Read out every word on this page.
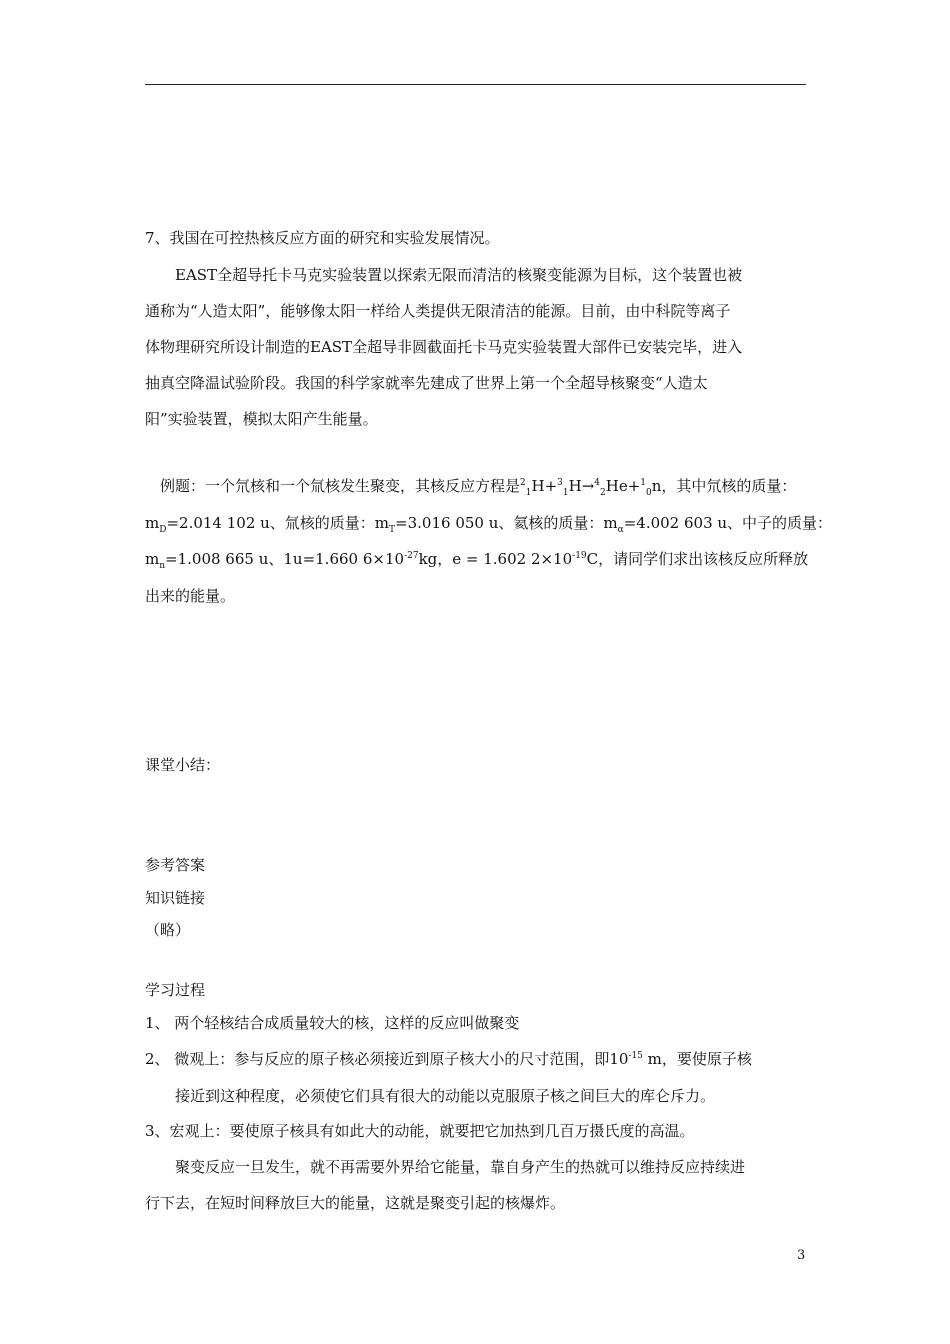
7、我国在可控热核反应方面的研究和实验发展情况。
EAST全超导托卡马克实验装置以探索无限而清洁的核聚变能源为目标，这个装置也被
通称为“人造太阳”，能够像太阳一样给人类提供无限清洁的能源。目前，由中科院等离子
体物理研究所设计制造的EAST全超导非圆截面托卡马克实验装置大部件已安装完毕，进入
抽真空降温试验阶段。我国的科学家就率先建成了世界上第一个全超导核聚变“人造太
阳”实验装置，模拟太阳产生能量。
例题：一个氘核和一个氚核发生聚变，其核反应方程是$^2_1$H+$^3_1$H→$^4_2$He+$^1_0$n，其中氘核的质量：
$m_D=2.014$ 102 u、氚核的质量：$m_T=3.016$ 050 u、氦核的质量：$m_\alpha=4.002$ 603 u、中子的质量：
$m_n=1.008$ 665 u、1u=1.660 $6\times 10^{-27}kg$，e = 1.602 $2\times 10^{-19}C$，请同学们求出该核反应所释放
出来的能量。
课堂小结：
参考答案
知识链接
（略）
学习过程
1、 两个轻核结合成质量较大的核，这样的反应叫做聚变
2、 微观上：参与反应的原子核必须接近到原子核大小的尺寸范围，即$10^{-15}$ m，要使原子核
接近到这种程度，必须使它们具有很大的动能以克服原子核之间巨大的库仑斥力。
3、宏观上：要使原子核具有如此大的动能，就要把它加热到几百万摄氏度的高温。
聚变反应一旦发生，就不再需要外界给它能量，靠自身产生的热就可以维持反应持续进
行下去，在短时间释放巨大的能量，这就是聚变引起的核爆炸。
3
